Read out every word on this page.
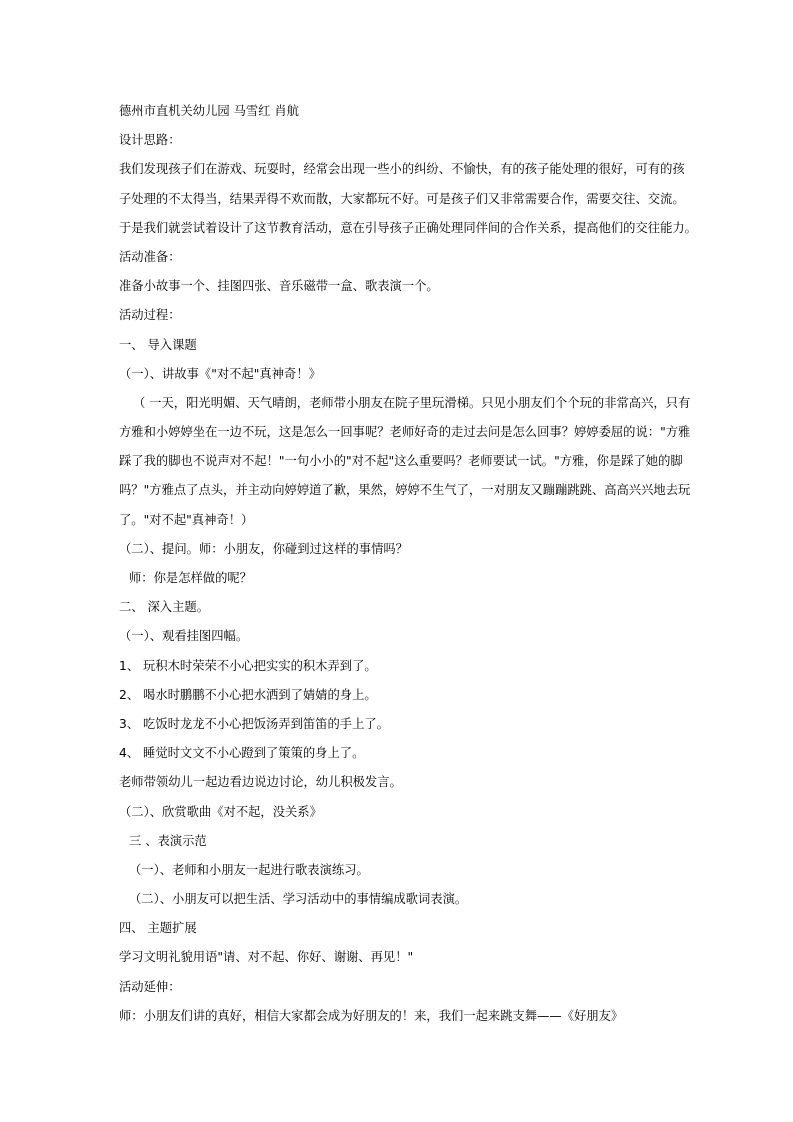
德州市直机关幼儿园 马雪红 肖航
设计思路：
我们发现孩子们在游戏、玩耍时，经常会出现一些小的纠纷、不愉快，有的孩子能处理的很好，可有的孩
子处理的不太得当，结果弄得不欢而散，大家都玩不好。可是孩子们又非常需要合作，需要交往、交流。
于是我们就尝试着设计了这节教育活动，意在引导孩子正确处理同伴间的合作关系，提高他们的交往能力。
活动准备：
准备小故事一个、挂图四张、音乐磁带一盒、歌表演一个。
活动过程：
一、 导入课题
（一）、讲故事《"对不起"真神奇！》
（ 一天，阳光明媚、天气晴朗，老师带小朋友在院子里玩滑梯。只见小朋友们个个玩的非常高兴，只有
方雅和小婷婷坐在一边不玩，这是怎么一回事呢？老师好奇的走过去问是怎么回事？婷婷委屈的说："方雅
踩了我的脚也不说声对不起！"一句小小的"对不起"这么重要吗？老师要试一试。"方雅，你是踩了她的脚
吗？"方雅点了点头，并主动向婷婷道了歉，果然，婷婷不生气了，一对朋友又蹦蹦跳跳、高高兴兴地去玩
了。"对不起"真神奇！）
（二）、提问。师：小朋友，你碰到过这样的事情吗？
师：你是怎样做的呢？
二、 深入主题。
（一）、观看挂图四幅。
1、 玩积木时荣荣不小心把实实的积木弄到了。
2、 喝水时鹏鹏不小心把水洒到了婧婧的身上。
3、 吃饭时龙龙不小心把饭汤弄到笛笛的手上了。
4、 睡觉时文文不小心蹬到了策策的身上了。
老师带领幼儿一起边看边说边讨论，幼儿积极发言。
（二）、欣赏歌曲《对不起，没关系》
三 、表演示范
（一）、老师和小朋友一起进行歌表演练习。
（二）、小朋友可以把生活、学习活动中的事情编成歌词表演。
四、 主题扩展
学习文明礼貌用语"请、对不起、你好、谢谢、再见！"
活动延伸：
师：小朋友们讲的真好，相信大家都会成为好朋友的！来，我们一起来跳支舞——《好朋友》
